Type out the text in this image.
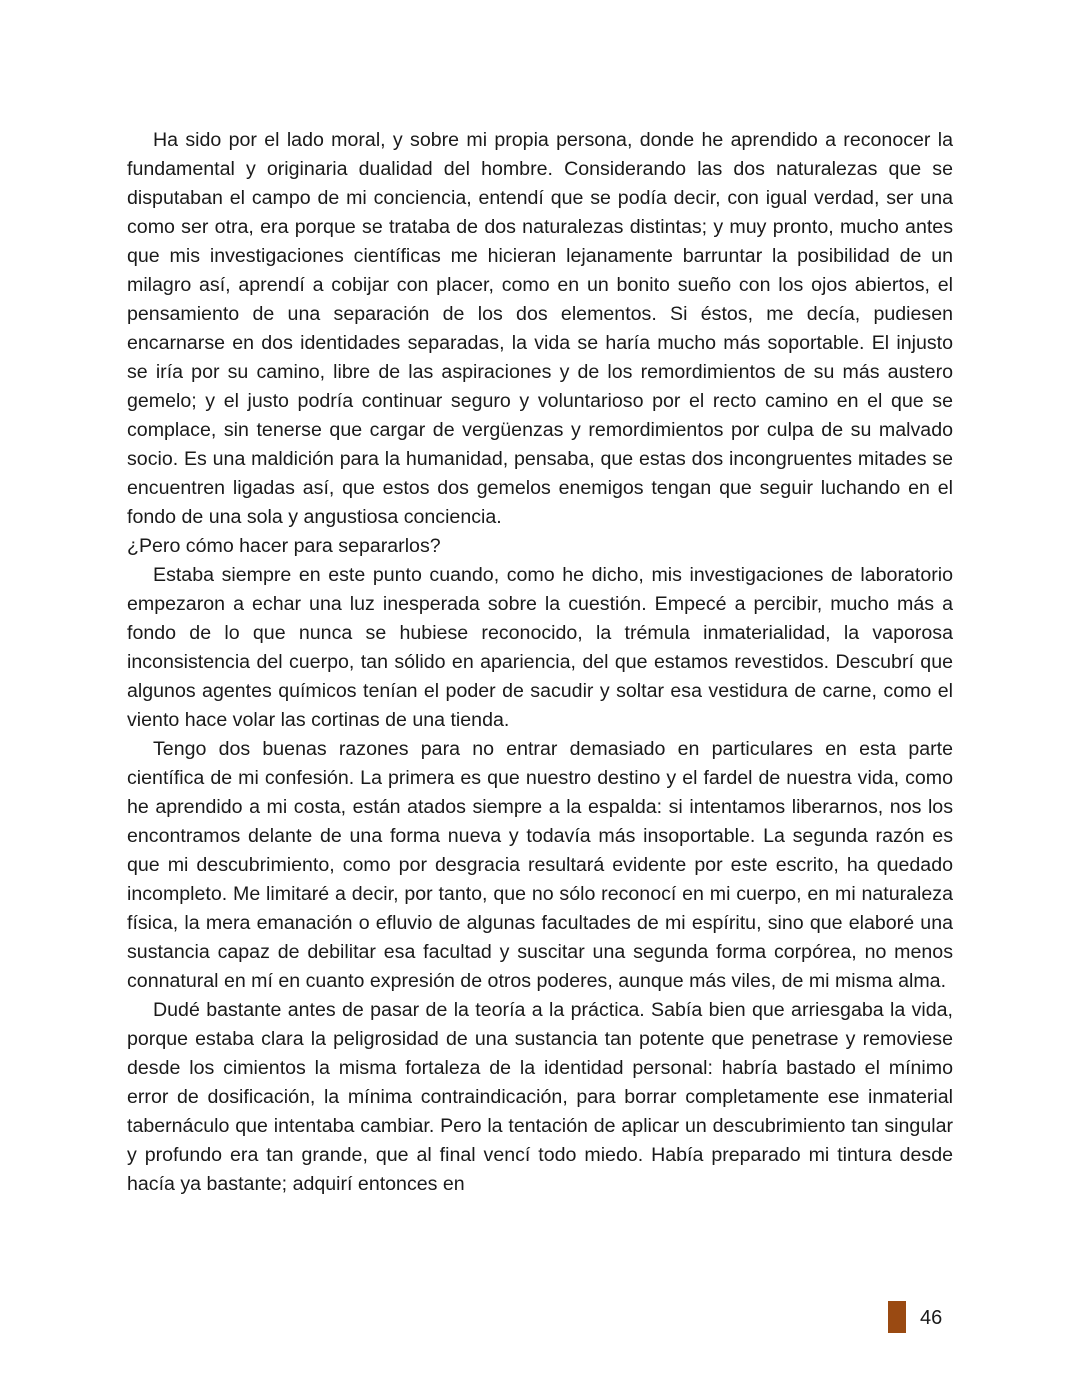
Ha sido por el lado moral, y sobre mi propia persona, donde he aprendido a reconocer la fundamental y originaria dualidad del hombre. Considerando las dos naturalezas que se disputaban el campo de mi conciencia, entendí que se podía decir, con igual verdad, ser una como ser otra, era porque se trataba de dos naturalezas distintas; y muy pronto, mucho antes que mis investigaciones científicas me hicieran lejanamente barruntar la posibilidad de un milagro así, aprendí a cobijar con placer, como en un bonito sueño con los ojos abiertos, el pensamiento de una separación de los dos elementos. Si éstos, me decía, pudiesen encarnarse en dos identidades separadas, la vida se haría mucho más soportable. El injusto se iría por su camino, libre de las aspiraciones y de los remordimientos de su más austero gemelo; y el justo podría continuar seguro y voluntarioso por el recto camino en el que se complace, sin tenerse que cargar de vergüenzas y remordimientos por culpa de su malvado socio. Es una maldición para la humanidad, pensaba, que estas dos incongruentes mitades se encuentren ligadas así, que estos dos gemelos enemigos tengan que seguir luchando en el fondo de una sola y angustiosa conciencia.

¿Pero cómo hacer para separarlos?

Estaba siempre en este punto cuando, como he dicho, mis investigaciones de laboratorio empezaron a echar una luz inesperada sobre la cuestión. Empecé a percibir, mucho más a fondo de lo que nunca se hubiese reconocido, la trémula inmaterialidad, la vaporosa inconsistencia del cuerpo, tan sólido en apariencia, del que estamos revestidos. Descubrí que algunos agentes químicos tenían el poder de sacudir y soltar esa vestidura de carne, como el viento hace volar las cortinas de una tienda.

Tengo dos buenas razones para no entrar demasiado en particulares en esta parte científica de mi confesión. La primera es que nuestro destino y el fardel de nuestra vida, como he aprendido a mi costa, están atados siempre a la espalda: si intentamos liberarnos, nos los encontramos delante de una forma nueva y todavía más insoportable. La segunda razón es que mi descubrimiento, como por desgracia resultará evidente por este escrito, ha quedado incompleto. Me limitaré a decir, por tanto, que no sólo reconocí en mi cuerpo, en mi naturaleza física, la mera emanación o efluvio de algunas facultades de mi espíritu, sino que elaboré una sustancia capaz de debilitar esa facultad y suscitar una segunda forma corpórea, no menos connatural en mí en cuanto expresión de otros poderes, aunque más viles, de mi misma alma.

Dudé bastante antes de pasar de la teoría a la práctica. Sabía bien que arriesgaba la vida, porque estaba clara la peligrosidad de una sustancia tan potente que penetrase y removiese desde los cimientos la misma fortaleza de la identidad personal: habría bastado el mínimo error de dosificación, la mínima contraindicación, para borrar completamente ese inmaterial tabernáculo que intentaba cambiar. Pero la tentación de aplicar un descubrimiento tan singular y profundo era tan grande, que al final vencí todo miedo. Había preparado mi tintura desde hacía ya bastante; adquirí entonces en

46
